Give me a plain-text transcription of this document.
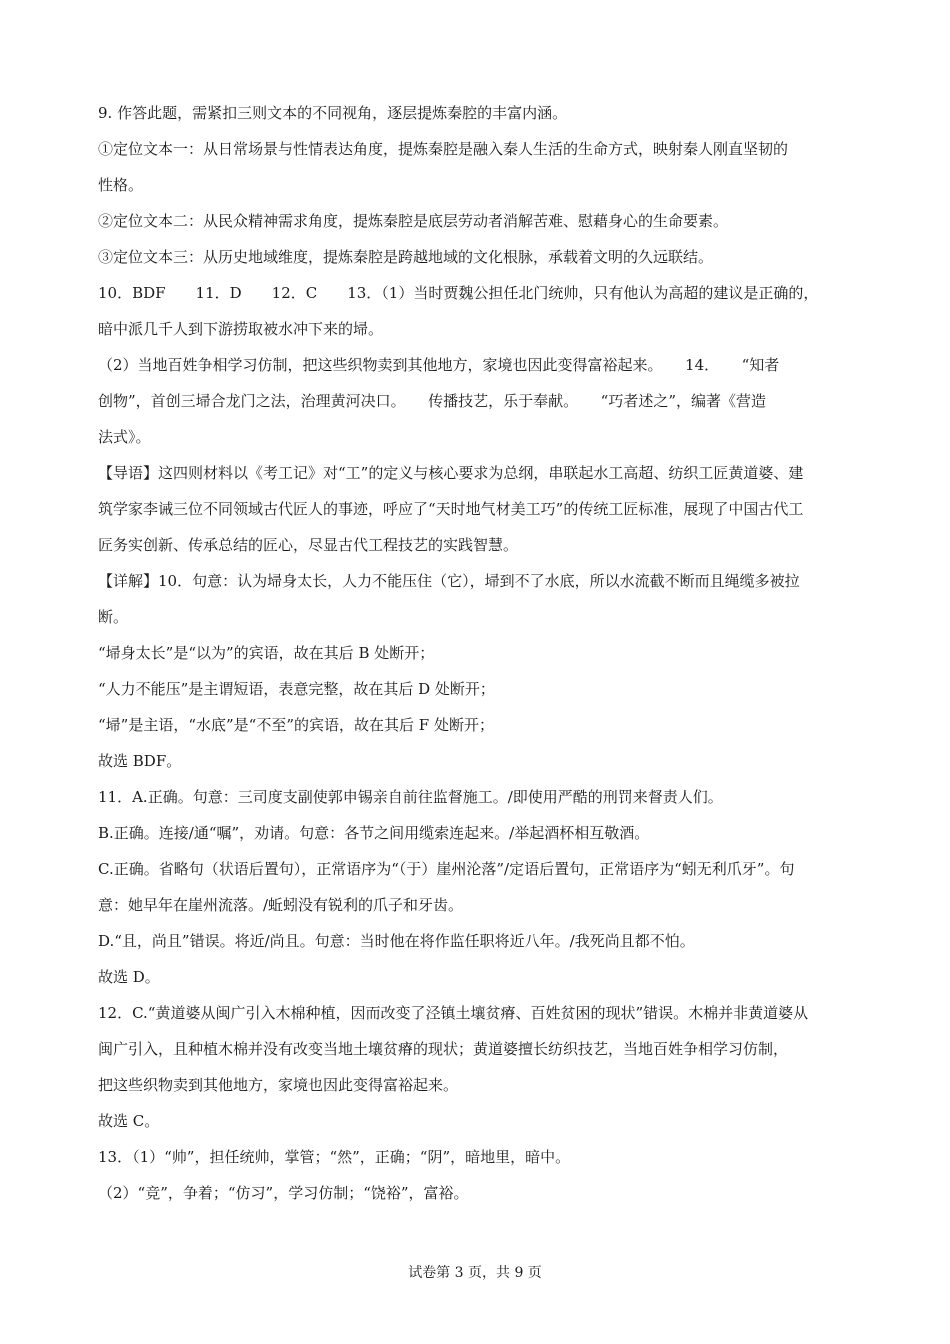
9. 作答此题，需紧扣三则文本的不同视角，逐层提炼秦腔的丰富内涵。
①定位文本一：从日常场景与性情表达角度，提炼秦腔是融入秦人生活的生命方式，映射秦人刚直坚韧的
性格。
②定位文本二：从民众精神需求角度，提炼秦腔是底层劳动者消解苦难、慰藉身心的生命要素。
③定位文本三：从历史地域维度，提炼秦腔是跨越地域的文化根脉，承载着文明的久远联结。
10．BDF　　11．D　　12．C　　13．（1）当时贾魏公担任北门统帅，只有他认为高超的建议是正确的，
暗中派几千人到下游捞取被水冲下来的埽。
（2）当地百姓争相学习仿制，把这些织物卖到其他地方，家境也因此变得富裕起来。　　14．　　“知者
创物”，首创三埽合龙门之法，治理黄河决口。　　传播技艺，乐于奉献。　　“巧者述之”，编著《营造
法式》。
【导语】这四则材料以《考工记》对“工”的定义与核心要求为总纲，串联起水工高超、纺织工匠黄道婆、建
筑学家李诫三位不同领域古代匠人的事迹，呼应了“天时地气材美工巧”的传统工匠标准，展现了中国古代工
匠务实创新、传承总结的匠心，尽显古代工程技艺的实践智慧。
【详解】10．句意：认为埽身太长，人力不能压住（它），埽到不了水底，所以水流截不断而且绳缆多被拉
断。
“埽身太长”是“以为”的宾语，故在其后 B 处断开；
“人力不能压”是主谓短语，表意完整，故在其后 D 处断开；
“埽”是主语，“水底”是“不至”的宾语，故在其后 F 处断开；
故选 BDF。
11．A.正确。句意：三司度支副使郭申锡亲自前往监督施工。/即使用严酷的刑罚来督责人们。
B.正确。连接/通“嘱”，劝请。句意：各节之间用缆索连起来。/举起酒杯相互敬酒。
C.正确。省略句（状语后置句），正常语序为“（于）崖州沦落”/定语后置句，正常语序为“蚓无利爪牙”。句
意：她早年在崖州流落。/蚯蚓没有锐利的爪子和牙齿。
D.“且，尚且”错误。将近/尚且。句意：当时他在将作监任职将近八年。/我死尚且都不怕。
故选 D。
12．C.“黄道婆从闽广引入木棉种植，因而改变了泾镇土壤贫瘠、百姓贫困的现状”错误。木棉并非黄道婆从
闽广引入，且种植木棉并没有改变当地土壤贫瘠的现状；黄道婆擅长纺织技艺，当地百姓争相学习仿制，
把这些织物卖到其他地方，家境也因此变得富裕起来。
故选 C。
13．（1）“帅”，担任统帅，掌管；“然”，正确；“阴”，暗地里，暗中。
（2）“竞”，争着；“仿习”，学习仿制；“饶裕”，富裕。
试卷第 3 页，共 9 页
